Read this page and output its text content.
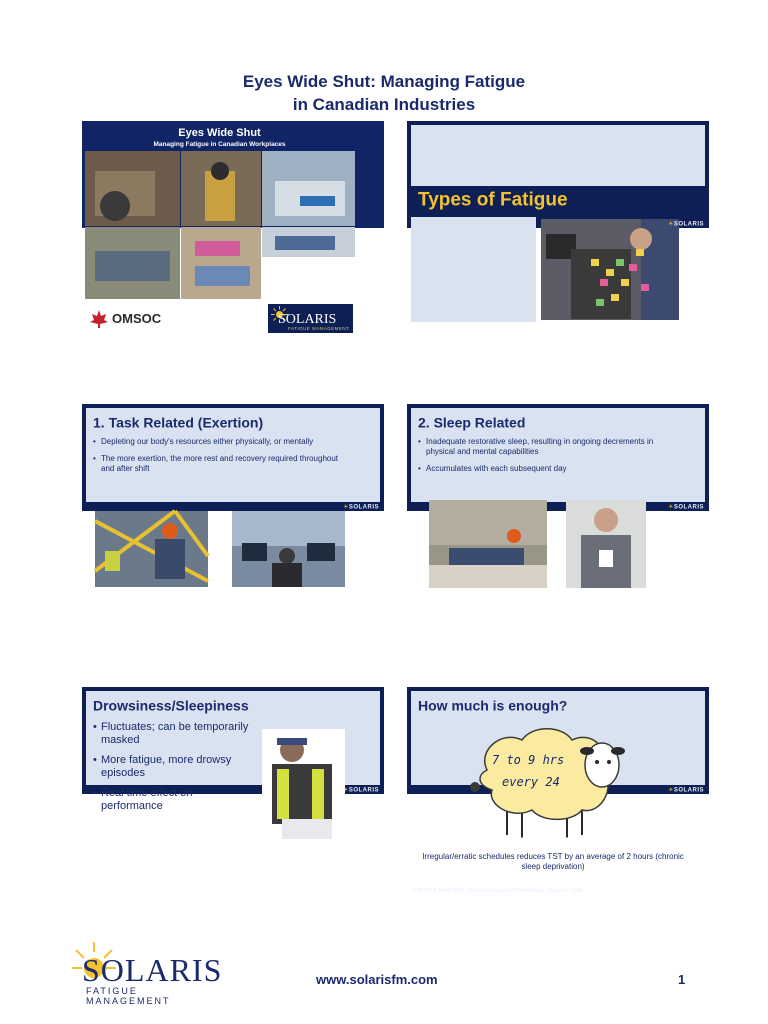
Eyes Wide Shut: Managing Fatigue
in Canadian Industries
Eyes Wide Shut
Managing Fatigue in Canadian Workplaces
Mike Harnett
President &
Human Factors Professional
OMSOC	SOLARIS
FATIGUE MANAGEMENT
Types of Fatigue
☀SOLARIS
1. Task Related (Exertion)
• Depleting our body's resources either physically, or mentally
• The more exertion, the more rest and recovery required throughout and after shift
☀SOLARIS
2. Sleep Related
• Inadequate restorative sleep, resulting in ongoing decrements in physical and mental capabilities
• Accumulates with each subsequent day
☀SOLARIS
Drowsiness/Sleepiness
• Fluctuates; can be temporarily masked
• More fatigue, more drowsy episodes
• Real time effect on performance
☀SOLARIS
How much is enough?
7 to 9 hrs
every 24
Irregular/erratic schedules reduces TST by an average of 2 hours (chronic sleep deprivation)
NSF 2010; AASM 2010; Work-Life Balance of Shift Workers, Stats Can 2008
☀SOLARIS
SOLARIS
FATIGUE MANAGEMENT
www.solarisfm.com	1
